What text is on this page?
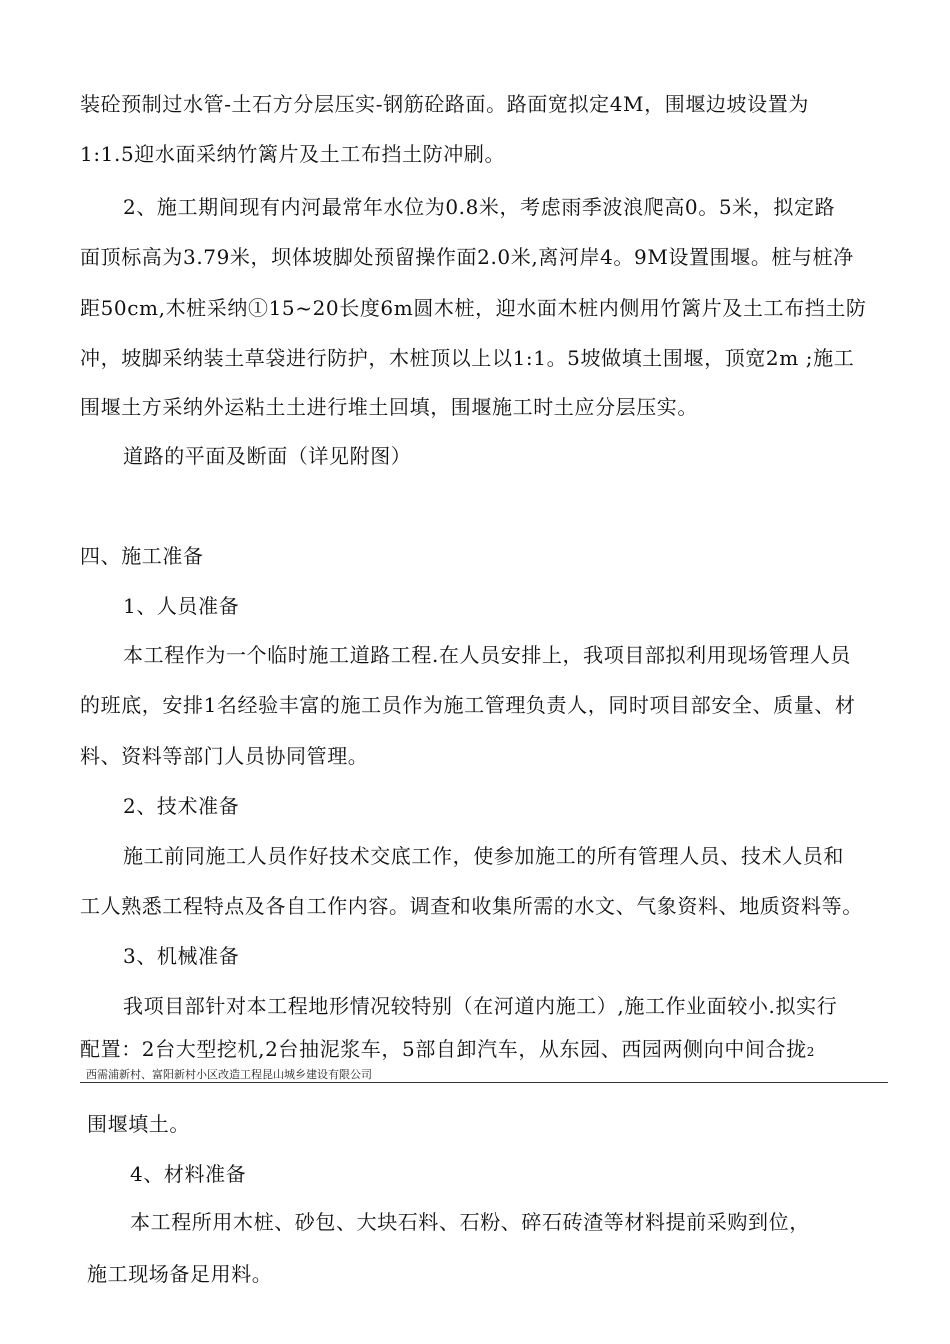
装砼预制过水管-土石方分层压实-钢筋砼路面。路面宽拟定4M，围堰边坡设置为
1:1.5迎水面采纳竹篱片及土工布挡土防冲刷。
2、施工期间现有内河最常年水位为0.8米，考虑雨季波浪爬高0。5米，拟定路
面顶标高为3.79米，坝体坡脚处预留操作面2.0米,离河岸4。9M设置围堰。桩与桩净
距50cm,木桩采纳①15~20长度6m圆木桩，迎水面木桩内侧用竹篱片及土工布挡土防
冲，坡脚采纳装土草袋进行防护，木桩顶以上以1:1。5坡做填土围堰，顶宽2m ;施工
围堰土方采纳外运粘土土进行堆土回填，围堰施工时土应分层压实。
道路的平面及断面（详见附图）
四、施工准备
1、人员准备
本工程作为一个临时施工道路工程.在人员安排上，我项目部拟利用现场管理人员
的班底，安排1名经验丰富的施工员作为施工管理负责人，同时项目部安全、质量、材
料、资料等部门人员协同管理。
2、技术准备
施工前同施工人员作好技术交底工作，使参加施工的所有管理人员、技术人员和
工人熟悉工程特点及各自工作内容。调查和收集所需的水文、气象资料、地质资料等。
3、机械准备
我项目部针对本工程地形情况较特别（在河道内施工）,施工作业面较小.拟实行
配置：2台大型挖机,2台抽泥浆车，5部自卸汽车，从东园、西园两侧向中间合拢2
西需浦新村、富阳新村小区改造工程昆山城乡建设有限公司
围堰填土。
4、材料准备
本工程所用木桩、砂包、大块石料、石粉、碎石砖渣等材料提前采购到位，
施工现场备足用料。
